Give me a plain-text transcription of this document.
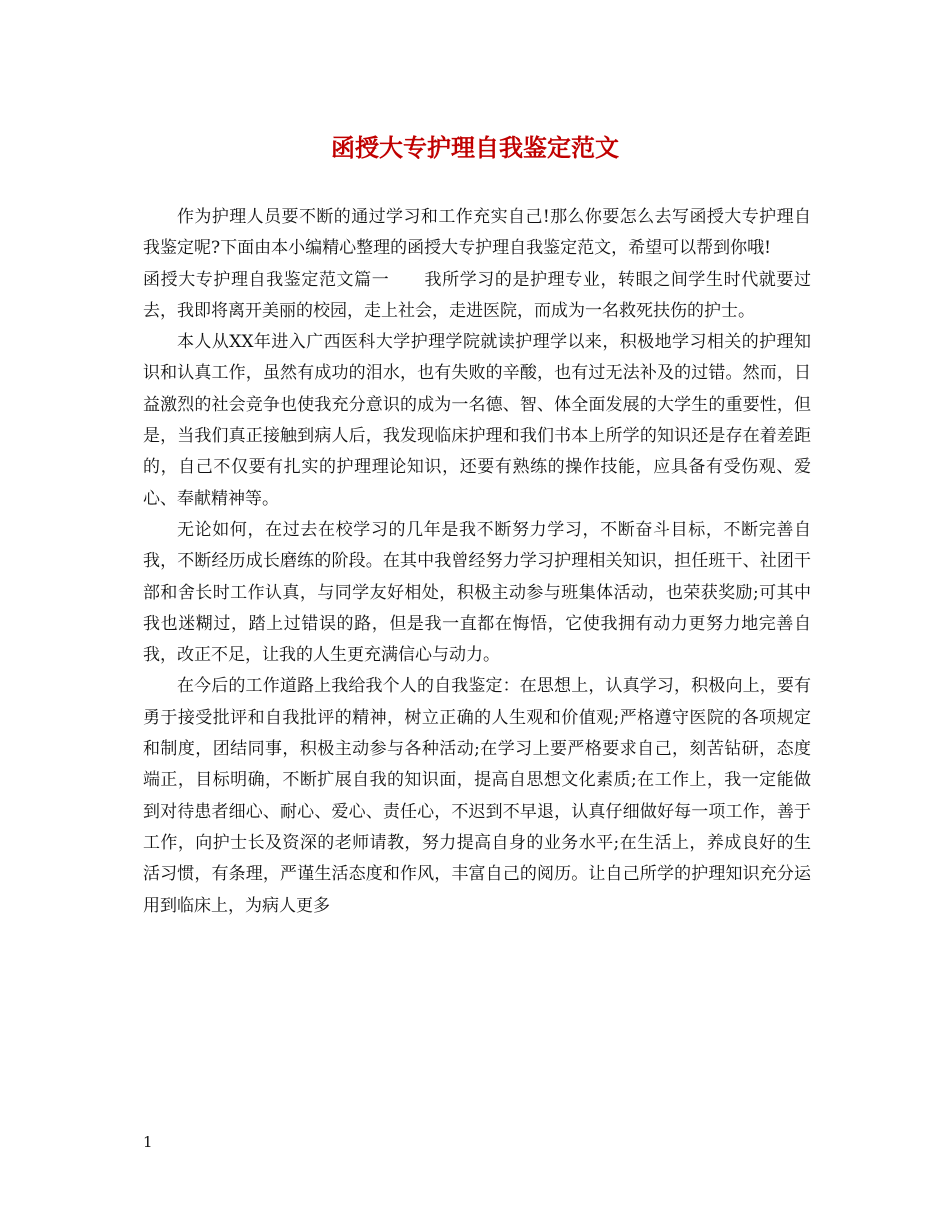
函授大专护理自我鉴定范文

作为护理人员要不断的通过学习和工作充实自己!那么你要怎么去写函授大专护理自我鉴定呢?下面由本小编精心整理的函授大专护理自我鉴定范文，希望可以帮到你哦!

函授大专护理自我鉴定范文篇一　　我所学习的是护理专业，转眼之间学生时代就要过去，我即将离开美丽的校园，走上社会，走进医院，而成为一名救死扶伤的护士。

本人从XX年进入广西医科大学护理学院就读护理学以来，积极地学习相关的护理知识和认真工作，虽然有成功的泪水，也有失败的辛酸，也有过无法补及的过错。然而，日益激烈的社会竞争也使我充分意识的成为一名德、智、体全面发展的大学生的重要性，但是，当我们真正接触到病人后，我发现临床护理和我们书本上所学的知识还是存在着差距的，自己不仅要有扎实的护理理论知识，还要有熟练的操作技能，应具备有受伤观、爱心、奉献精神等。

无论如何，在过去在校学习的几年是我不断努力学习，不断奋斗目标，不断完善自我，不断经历成长磨练的阶段。在其中我曾经努力学习护理相关知识，担任班干、社团干部和舍长时工作认真，与同学友好相处，积极主动参与班集体活动，也荣获奖励;可其中我也迷糊过，踏上过错误的路，但是我一直都在悔悟，它使我拥有动力更努力地完善自我，改正不足，让我的人生更充满信心与动力。

在今后的工作道路上我给我个人的自我鉴定：在思想上，认真学习，积极向上，要有勇于接受批评和自我批评的精神，树立正确的人生观和价值观;严格遵守医院的各项规定和制度，团结同事，积极主动参与各种活动;在学习上要严格要求自己，刻苦钻研，态度端正，目标明确，不断扩展自我的知识面，提高自思想文化素质;在工作上，我一定能做到对待患者细心、耐心、爱心、责任心，不迟到不早退，认真仔细做好每一项工作，善于工作，向护士长及资深的老师请教，努力提高自身的业务水平;在生活上，养成良好的生活习惯，有条理，严谨生活态度和作风，丰富自己的阅历。让自己所学的护理知识充分运用到临床上，为病人更多

1
